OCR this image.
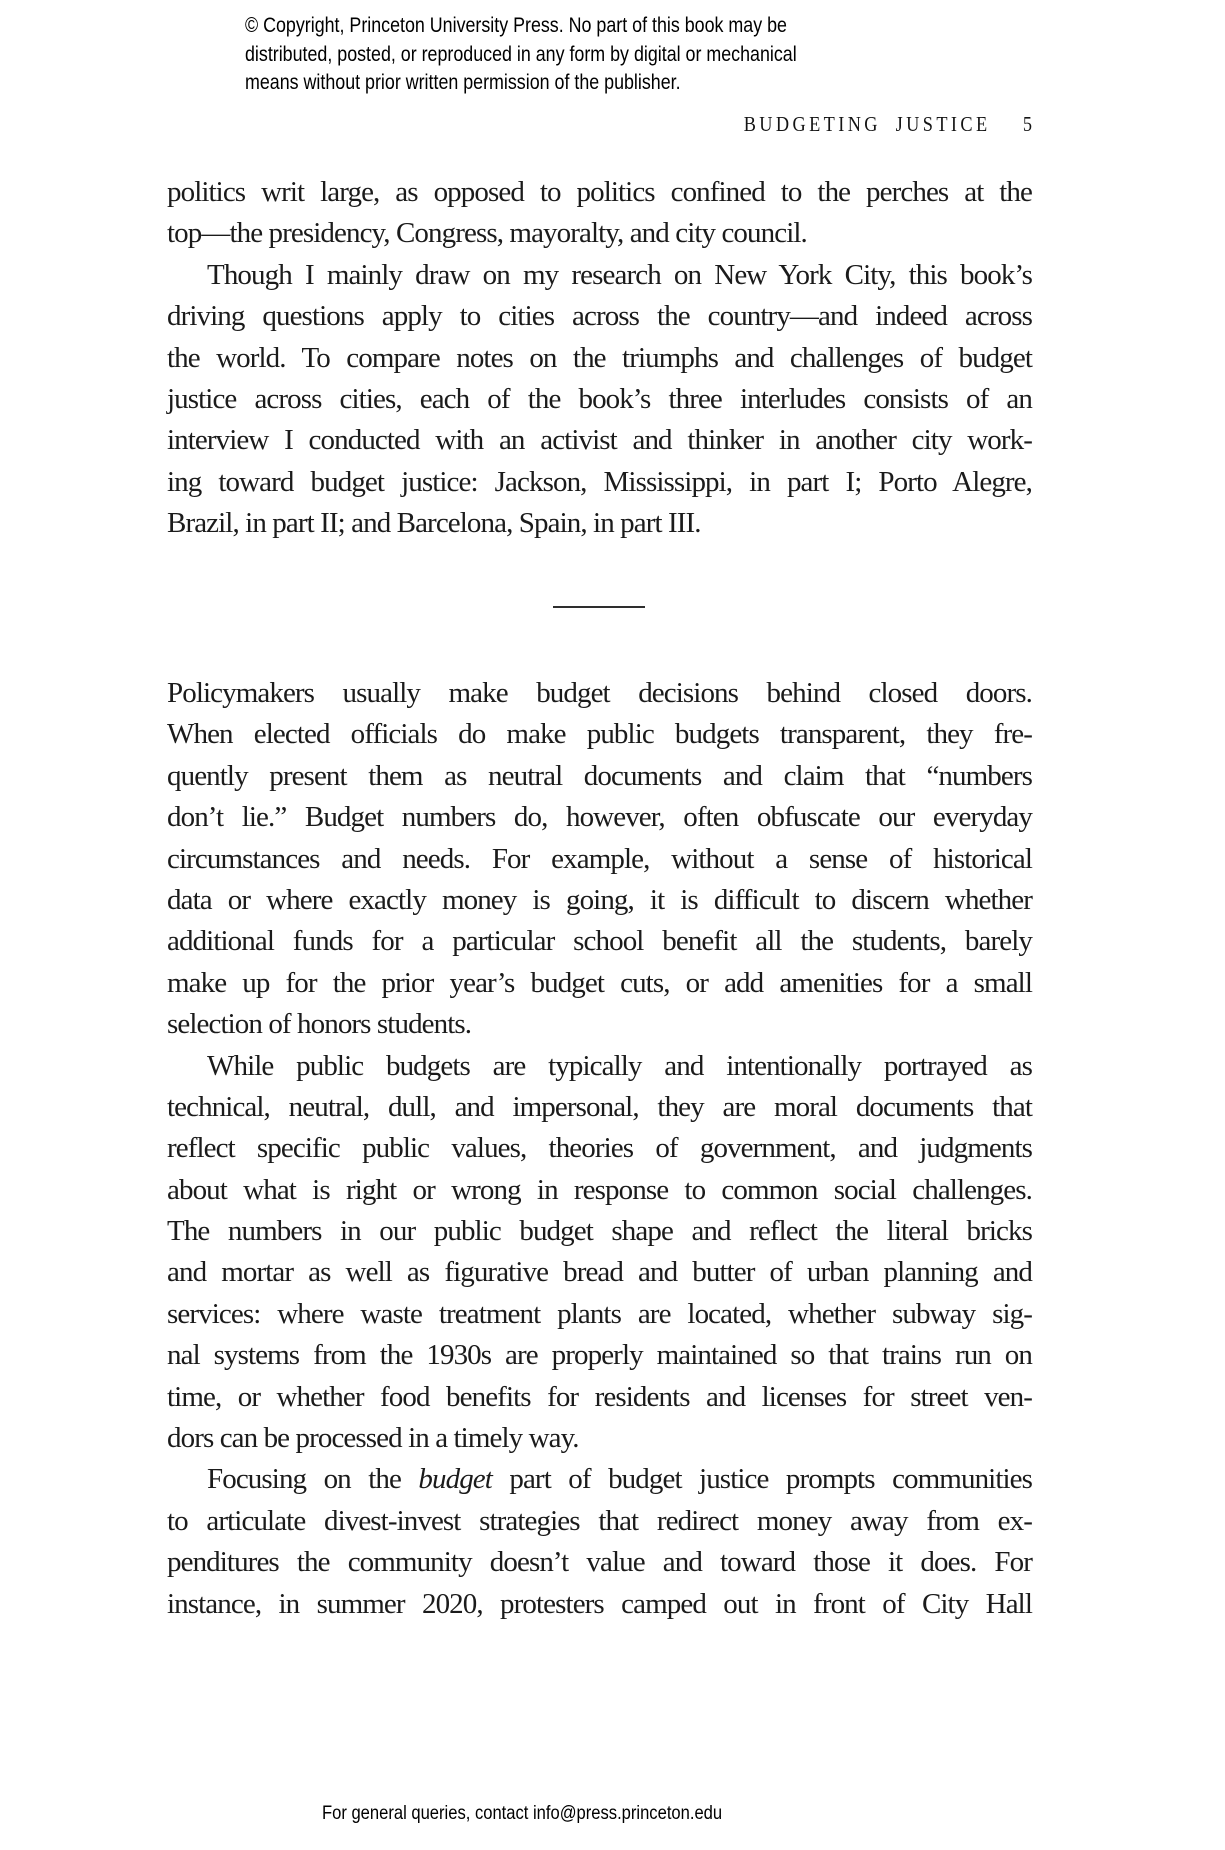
© Copyright, Princeton University Press. No part of this book may be
distributed, posted, or reproduced in any form by digital or mechanical
means without prior written permission of the publisher.
BUDGETING JUSTICE 5
politics writ large, as opposed to politics confined to the perches at the
top—the presidency, Congress, mayoralty, and city council.
Though I mainly draw on my research on New York City, this book’s
driving questions apply to cities across the country—and indeed across
the world. To compare notes on the triumphs and challenges of budget
justice across cities, each of the book’s three interludes consists of an
interview I conducted with an activist and thinker in another city work-
ing toward budget justice: Jackson, Mississippi, in part I; Porto Alegre,
Brazil, in part II; and Barcelona, Spain, in part III.
Policymakers usually make budget decisions behind closed doors.
When elected officials do make public budgets transparent, they fre-
quently present them as neutral documents and claim that “numbers
don’t lie.” Budget numbers do, however, often obfuscate our everyday
circumstances and needs. For example, without a sense of historical
data or where exactly money is going, it is difficult to discern whether
additional funds for a particular school benefit all the students, barely
make up for the prior year’s budget cuts, or add amenities for a small
selection of honors students.
While public budgets are typically and intentionally portrayed as
technical, neutral, dull, and impersonal, they are moral documents that
reflect specific public values, theories of government, and judgments
about what is right or wrong in response to common social challenges.
The numbers in our public budget shape and reflect the literal bricks
and mortar as well as figurative bread and butter of urban planning and
services: where waste treatment plants are located, whether subway sig-
nal systems from the 1930s are properly maintained so that trains run on
time, or whether food benefits for residents and licenses for street ven-
dors can be processed in a timely way.
Focusing on the budget part of budget justice prompts communities
to articulate divest-invest strategies that redirect money away from ex-
penditures the community doesn’t value and toward those it does. For
instance, in summer 2020, protesters camped out in front of City Hall
For general queries, contact info@press.princeton.edu
